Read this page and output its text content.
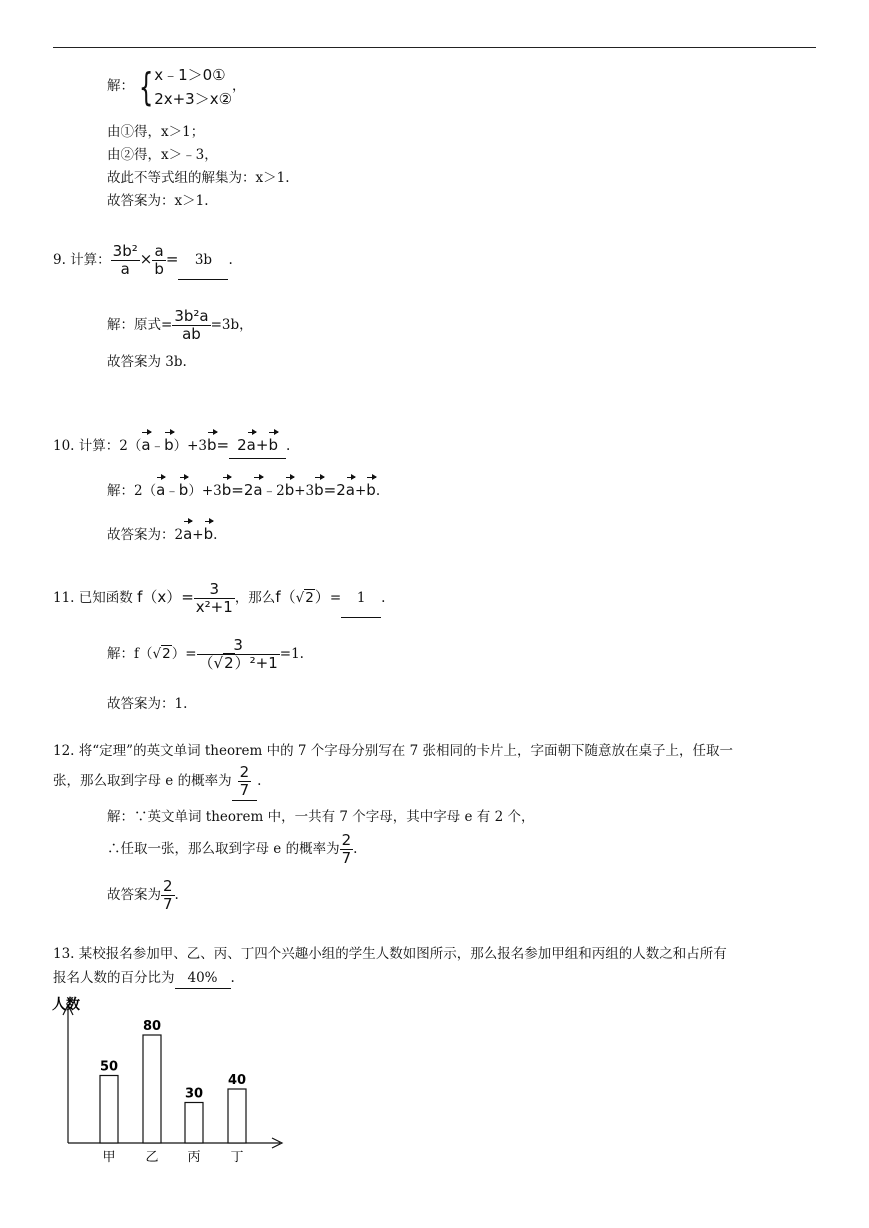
解： { x﹣1＞0①
2x+3＞x②
，
由①得，x＞1；
由②得，x＞﹣3，
故此不等式组的解集为：x＞1.
故答案为：x＞1.
9. 计算： $\frac{\text{3b²}}{a} \times \frac{a}{b} = 3b$ .
解：原式= $\frac{\text{3b²a}}{ab} =3b$，
故答案为 3b.
10. 计算：2（a﹣b）+3b= 2a+b .
解：2（a﹣b）+3b=2a﹣2b+3b=2a+b.
故答案为：2a+b.
11. 已知函数 $f(x)= \frac{3}{\text{x²+1}}$ ，那么f（√2）= 1 .
解：$f(√2)= \frac{3}{\text{（√2）²+1}} =1$.
故答案为：1.
12. 将“定理”的英文单词 theorem 中的 7 个字母分别写在 7 张相同的卡片上，字面朝下随意放在桌子上，任取一
张，那么取到字母 e 的概率为 $\frac{2}{7}$ .
解：∵英文单词 theorem 中，一共有 7 个字母，其中字母 e 有 2 个，
∴任取一张，那么取到字母 e 的概率为 $\frac{2}{7}$ .
故答案为 $\frac{2}{7}$ .
13. 某校报名参加甲、乙、丙、丁四个兴趣小组的学生人数如图所示，那么报名参加甲组和丙组的人数之和占所有
报名人数的百分比为 40% .
人数
50
甲
80
乙
30
丙
40
丁
